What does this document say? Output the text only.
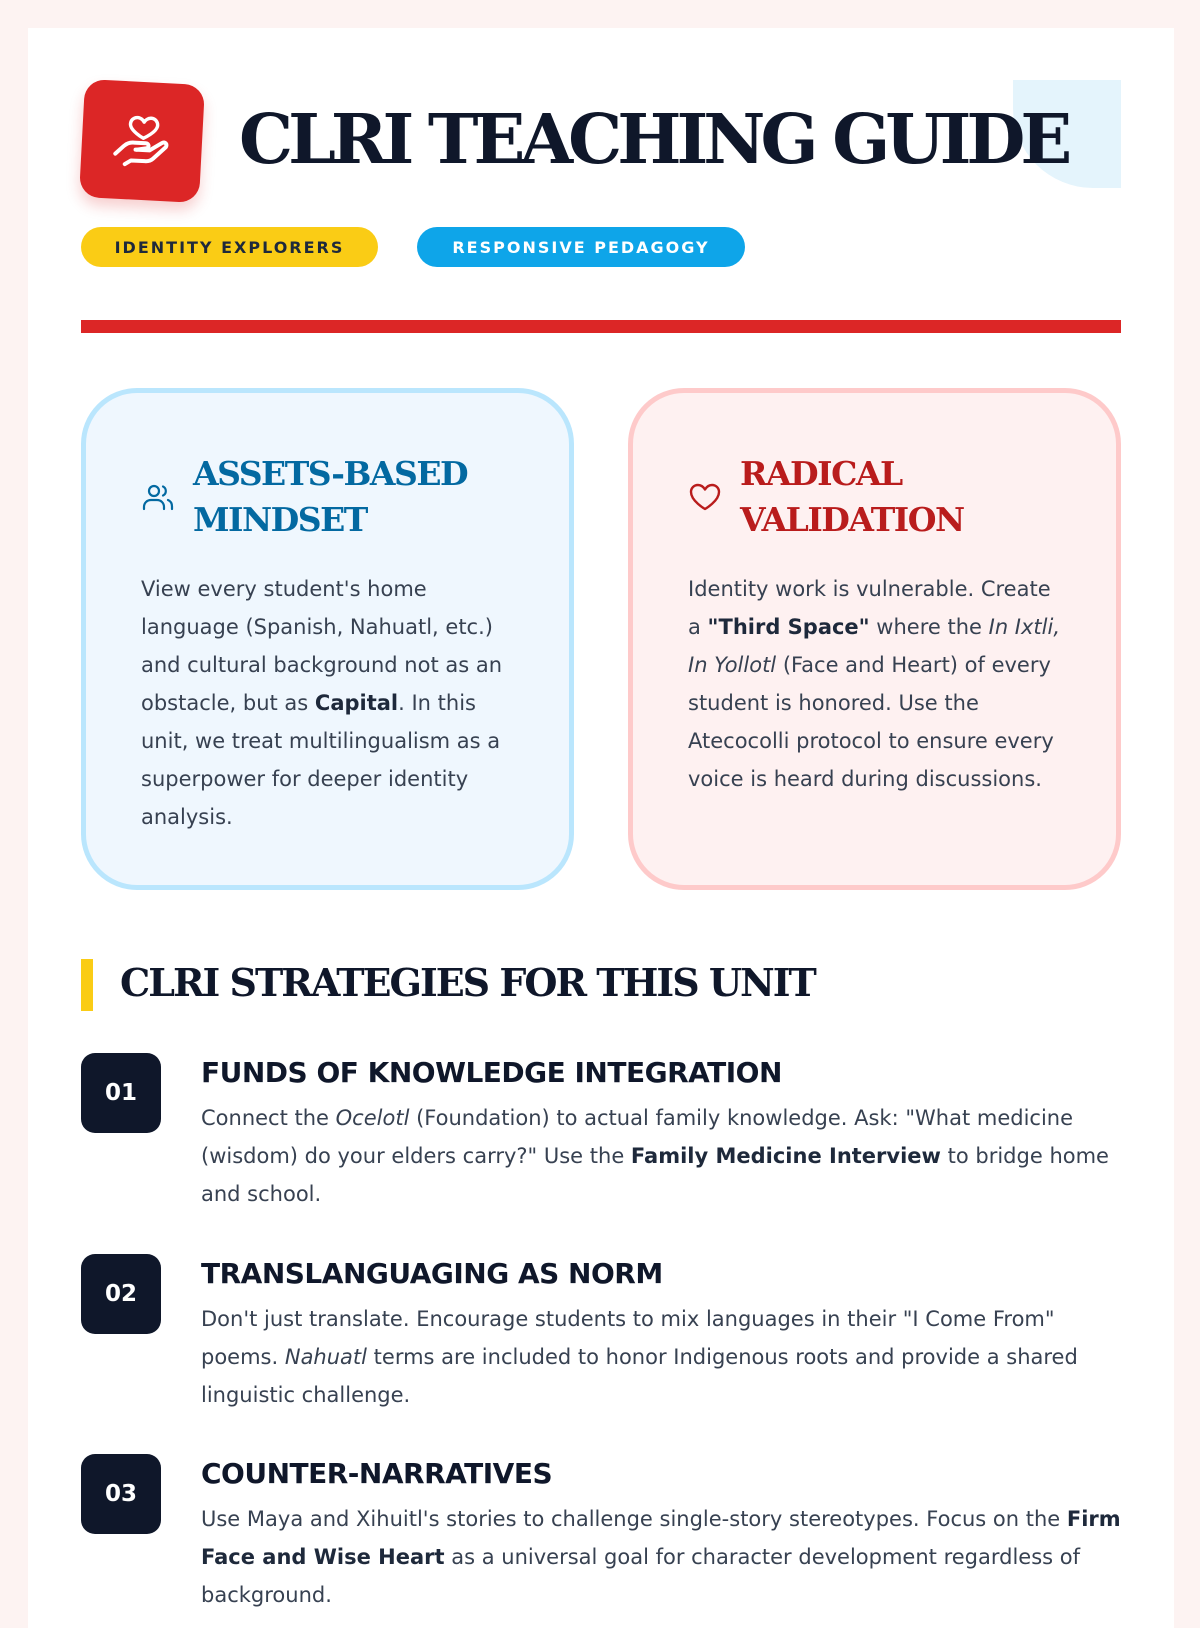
CLRI TEACHING GUIDE
IDENTITY EXPLORERS	RESPONSIVE PEDAGOGY
ASSETS-BASED
MINDSET
View every student's home language (Spanish, Nahuatl, etc.) and cultural background not as an obstacle, but as Capital. In this unit, we treat multilingualism as a superpower for deeper identity analysis.
RADICAL
VALIDATION
Identity work is vulnerable. Create a "Third Space" where the In Ixtli, In Yollotl (Face and Heart) of every student is honored. Use the Atecocolli protocol to ensure every voice is heard during discussions.
CLRI STRATEGIES FOR THIS UNIT
01
FUNDS OF KNOWLEDGE INTEGRATION
Connect the Ocelotl (Foundation) to actual family knowledge. Ask: "What medicine (wisdom) do your elders carry?" Use the Family Medicine Interview to bridge home and school.
02
TRANSLANGUAGING AS NORM
Don't just translate. Encourage students to mix languages in their "I Come From" poems. Nahuatl terms are included to honor Indigenous roots and provide a shared linguistic challenge.
03
COUNTER-NARRATIVES
Use Maya and Xihuitl's stories to challenge single-story stereotypes. Focus on the Firm Face and Wise Heart as a universal goal for character development regardless of background.
